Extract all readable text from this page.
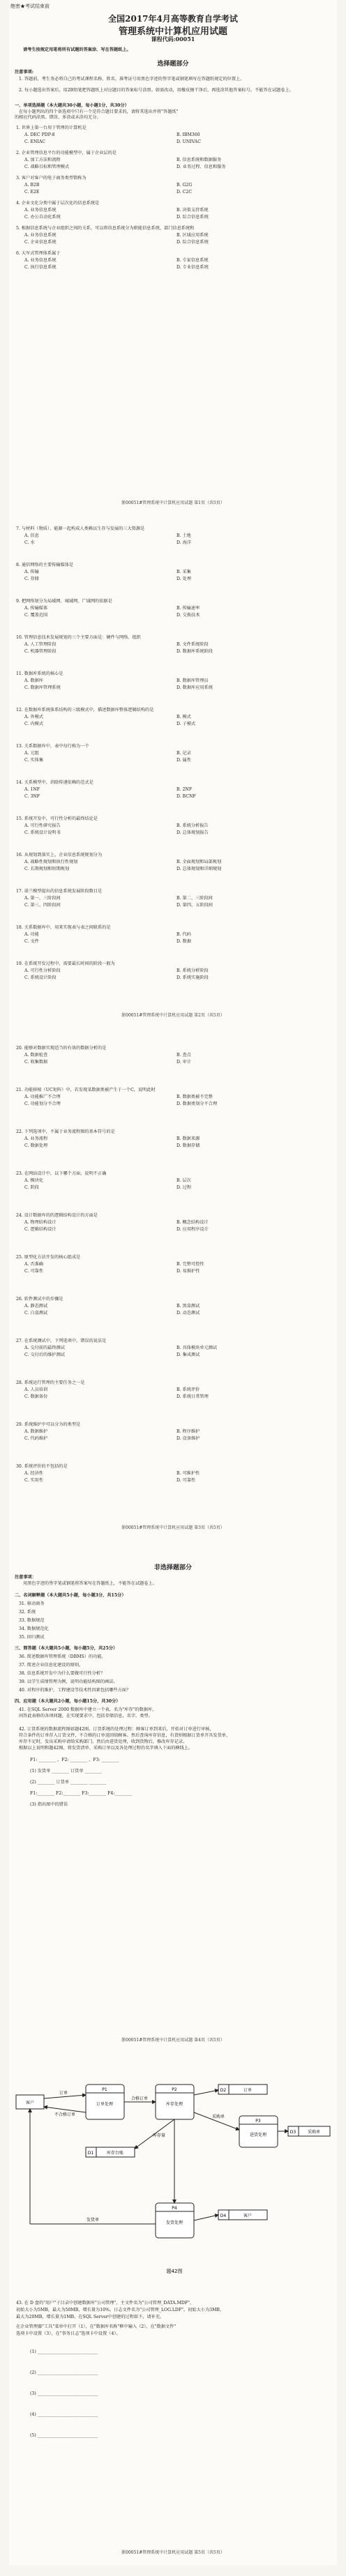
绝密★考试结束前
全国2017年4月高等教育自学考试
管理系统中计算机应用试题
课程代码:00051
请考生按规定用笔将所有试题的答案涂、写在答题纸上。
选择题部分
注意事项:
1. 答题前，考生务必将自己的考试课程名称、姓名、准考证号用黑色字迹的签字笔或钢笔填写在答题纸规定的位置上。
2. 每小题选出答案后，用2B铅笔把答题纸上对应题目的答案标号涂黑。如需改动，用橡皮擦干净后，再选涂其他答案标号。不能答在试题卷上。
一、单项选择题（本大题共30小题，每小题1分，共30分）
在每小题列出的四个备选项中只有一个是符合题目要求的，请将其选出并将"答题纸"
的相应代码涂黑。错涂、多涂或未涂均无分。
1. 世界上第一台用于管理的计算机是
A. DEC PDP-8	B. IBM360
C. ENIAC	D. UNIVAC
2. 企业管理信息平台的功能模型中，属于企业层的是
A. 加工方法和流程	B. 信息系统和数据服务
C. 战略目标和管理模式	D. 业务过程、信息和服务
3. 客户对客户的电子商务类型简称为
A. B2B	B. G2G
C. E2E	D. C2C
4. 企业文化分类中属于层次化的信息系统是
A. 业务信息系统	B. 决策支持系统
C. 办公自动化系统	D. 综合信息系统
5. 根据信息系统与企业组织之间的关系，可以将信息系统分为职能信息系统、部门信息系统和
A. 业务信息系统	B. 区域应用系统
C. 企业信息系统	D. 综合信息系统
6. 大军式管理体系属于
A. 业务信息系统	B. 专家信息系统
C. 执行信息系统	D. 专业信息系统
浙00051#管理系统中计算机应用试题 第1页（共5页）
7. 与材料（物质）、能源一起构成人类赖以生存与发展的三大资源是
A. 信息	B. 土地
C. 水	D. 海洋
8. 通信网络的主要传输媒体是
A. 传输	B. 采集
C. 存储	D. 处理
9. 把网络划分为局域网、城域网、广域网的依据是
A. 传输媒体	B. 传输速率
C. 覆盖范围	D. 交换技术
10. 管理信息技术发展规划的三个主要方面是：硬件与网络、组织
A. 人工管理阶段	B. 文件系统阶段
C. 机器管理阶段	D. 数据库系统阶段
11. 数据库系统的核心是
A. 数据库	B. 数据库管理员
C. 数据库管理系统	D. 数据库应用系统
12. 在数据库系统体系结构的三级模式中，描述数据库整体逻辑结构的是
A. 外模式	B. 模式
C. 内模式	D. 子模式
13. 关系数据库中，表中每行称为一个
A. 元组	B. 记录
C. 实体集	D. 属性
14. 关系模型中，消除传递依赖的范式是
A. 1NF	B. 2NF
C. 3NF	D. BCNF
15. 系统开发中，可行性分析的最终结论是
A. 可行性研究报告	B. 系统分析报告
C. 系统设计说明书	D. 总体规划报告
16. 从规划到落实上，企业信息系统规划分为
A. 战略性规划和执行性规划	B. 全面规划和局部规划
C. 长期规划和短期规划	D. 总体规划和详细规划
17. 诺兰模型提出的信息系统发展阶段数目是
A. 第一、三阶段间	B. 第二、三阶段间
C. 第三、四阶段间	D. 第四、五阶段间
18. 关系数据库中，用来实现表与表之间联系的是
A. 功能	B. 代码
C. 文件	D. 数据
19. 在系统开发过程中，需要最长时间的阶段一般为
A. 可行性分析阶段	B. 系统分析阶段
C. 系统设计阶段	D. 系统实施阶段
浙00051#管理系统中计算机应用试题 第2页（共5页）
20. 能够对数据实现适当的有效的数据分析的是
A. 数据检查	B. 查点
C. 收集数据	D. 审计
21. 功能移植（UC矩阵）中，若发现某数据类被产生于一个C，说明此时
A. 功能推广不合理	B. 数据类被不完整
C. 功能划分不合理	D. 数据类划分不合理
22. 下列选项中，不属于业务流程图的基本符号的是
A. 业务流程	B. 数据来源
C. 数据处理	D. 数据存储
23. 在网站设计中，以下哪个方面，说明不正确
A. 模块化	B. 层次
C. 阶段	D. 过程
24. 设计数据库的的逻辑结构设计的方面是
A. 物理结构设计	B. 概念结构设计
C. 逻辑结构设计	D. 应用程序设计
25. 原型化方法开发的核心组成是
A. 否准确	B. 完整可控性
C. 可靠性	D. 易维护性
26. 软件测试中的步骤是
A. 静态测试	B. 黑盒测试
C. 白盒测试	D. 动态测试
27. 在系统测试中，下列选项中，错误的说法是
A. 交付前的最终测试	B. 具体模块单元测试
C. 交付后的维护测试	D. 集成测试
28. 系统运行管理的主要任务之一是
A. 人员培训	B. 系统评价
C. 数据备份	D. 系统日常管理
29. 系统维护中可以分为的类型是
A. 数据维护	B. 程序维护
C. 代码维护	D. 设备维护
30. 系统评价的不包括的是
A. 经济性	B. 可维护性
C. 实用性	D. 可靠性
浙00051#管理系统中计算机应用试题 第3页（共5页）
非选择题部分
注意事项：
用黑色字迹的签字笔或钢笔将答案写在答题纸上，不能答在试题卷上。
二、名词解释题（本大题共5小题，每小题3分，共15分）
31. 移动商务
32. 系统
33. 数据规范
34. 数据规范化
35. 回归测试
三、简答题（本大题共5小题，每小题5分，共25分）
36. 简述数据库管理系统（DBMS）的功能。
37. 简述企业信息化建设的原则。
38. 信息系统开发中为什么要做可行性分析？
39. 以学生成绩管理为例，说明功能结构图的画法。
40. 对程序的维护，工程建设等技术性因素包括哪些方面？
四、应用题（本大题共2小题，每小题15分，共30分）
41. 在SQL Server 2000 数据库中建立一个表，名为"库存"的数据库，
问答此表格的各项问题，在实现要求中，包括存储信息，名字，类型。
42. 订货系统的数据流程图如题42图。订货系统的处理过程：顾客订单到来后，开始对订单进行审核，
符合条件的订单存入订货文件，不合格的订单返回给顾客。然后查询库存信息，有货则根据订货单开具发货单，
库存不足时，发出采购申请给采购部门。然后由进货处理，收到货物后，修改库存记录。
根据以上说明和题42图，将发货清单、采购订单以及各处理过程的名字填入下面的横线上。
F1: ________ ，F2: ________ ，F3: ________
(1) 发货单 ________ 订货单 ________
(2) ________ 订货单 ________ ________
F1:________ F2:________ F3:________ F4:________
(3) 指出图中的错误
浙00051#管理系统中计算机应用试题 第4页（共5页）
客户
P1
订单处理
P2
库存处理
P3
进货处理
P4
发货处理
D1	库存台账
D2	订单
D3	采购单
D4	客户
订单
不合格订单
合格订单
库存量
采购单
发货单
题42图
43. 在 D 盘的"用户"子目录中创建数据库"公司管理"，主文件名为"公司管理_DATA.MDF"，
初始大小为5MB，最大为50MB，增长量为10%。日志文件名为"公司管理_LOG.LDF"，初始大小为3MB，
最大为20MB，增长量为1MB。在SQL Server中创建的过程如下，请补充。
在企业管理器"工具"菜单中打开（1），在"数据库名称"框中输入（2），在"数据文件"
选项卡中设置（3），在"事务日志"选项卡中设置（4）。
(1) ____________________________
(2) ____________________________
(3) ____________________________
(4) ____________________________
(5) ____________________________
浙00051#管理系统中计算机应用试题 第5页（共5页）
